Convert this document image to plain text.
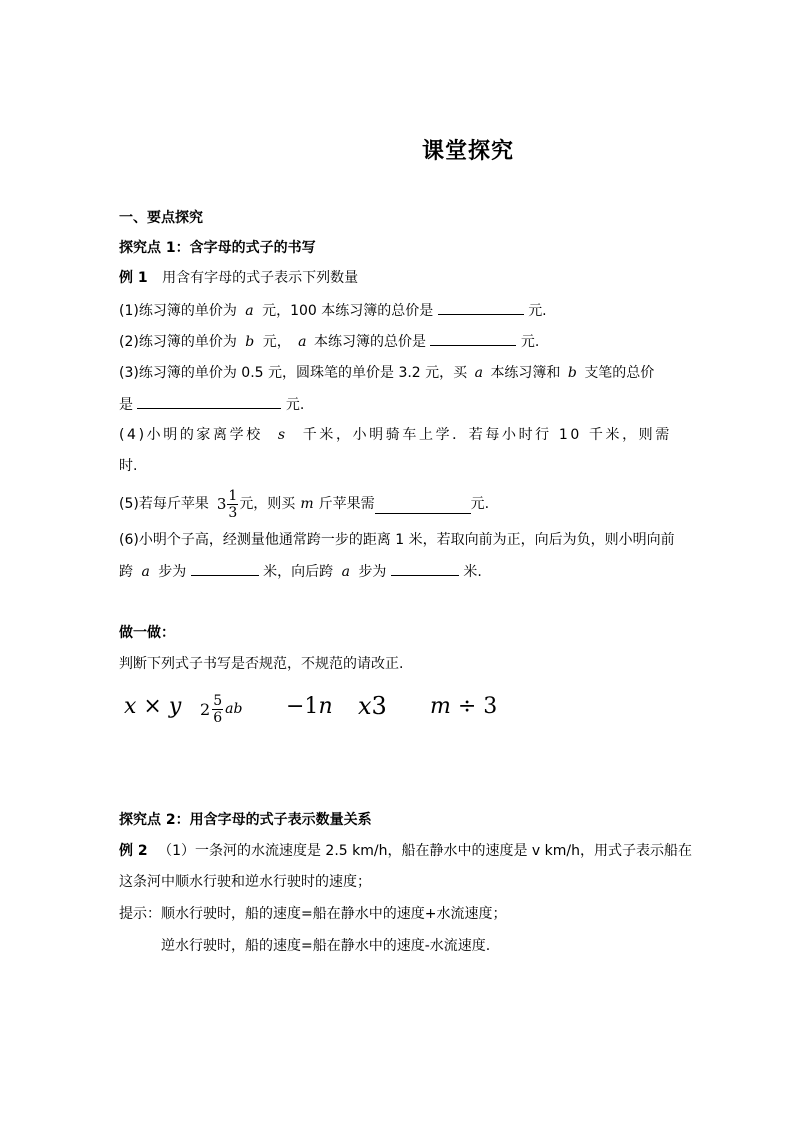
课堂探究
一、要点探究
探究点 1：含字母的式子的书写
例 1 用含有字母的式子表示下列数量
(1)练习簿的单价为 a 元，100 本练习簿的总价是	元.
(2)练习簿的单价为 b 元， a 本练习簿的总价是	元.
(3)练习簿的单价为 0.5 元，圆珠笔的单价是 3.2 元，买 a 本练习簿和 b 支笔的总价
是	元.
(4)小明的家离学校 s 千米，小明骑车上学．若每小时行 10 千米，则需
时.
(5)若每斤苹果 $3 \frac{1}{3}$ 元，则买 m 斤苹果需	元.
(6)小明个子高，经测量他通常跨一步的距离 1 米，若取向前为正，向后为负，则小明向前
跨 a 步为	米，向后跨 a 步为	米.
做一做：
判断下列式子书写是否规范，不规范的请改正.
x × y $2 \frac{5}{6}$ ab −1n x3 m ÷ 3
探究点 2：用含字母的式子表示数量关系
例 2 （1）一条河的水流速度是 2.5 km/h，船在静水中的速度是 v km/h，用式子表示船在
这条河中顺水行驶和逆水行驶时的速度；
提示：顺水行驶时，船的速度=船在静水中的速度+水流速度；
逆水行驶时，船的速度=船在静水中的速度-水流速度.
